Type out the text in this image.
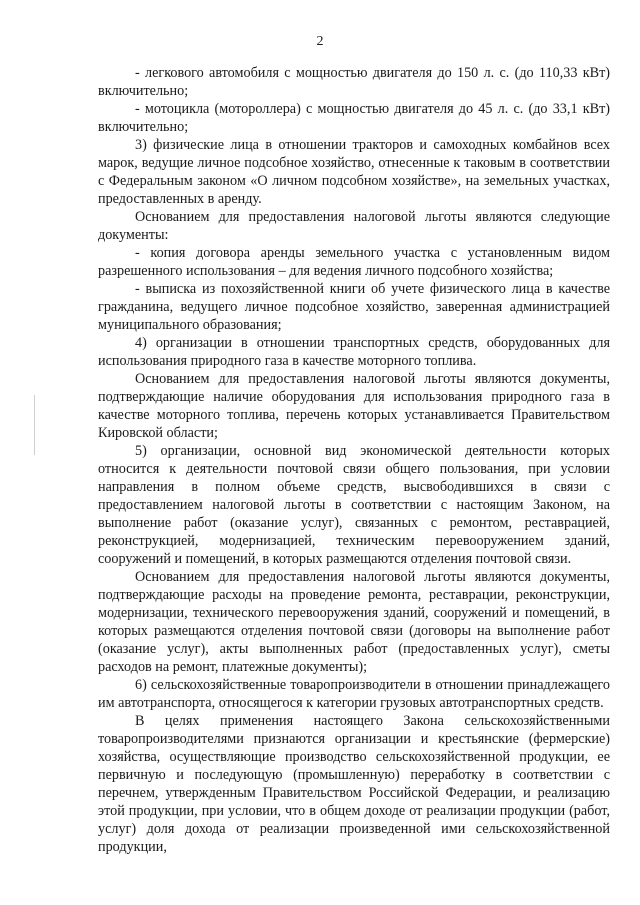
2

- легкового автомобиля с мощностью двигателя до 150 л. с. (до 110,33 кВт) включительно;

- мотоцикла (мотороллера) с мощностью двигателя до 45 л. с. (до 33,1 кВт) включительно;

3) физические лица в отношении тракторов и самоходных комбайнов всех марок, ведущие личное подсобное хозяйство, отнесенные к таковым в соответствии с Федеральным законом «О личном подсобном хозяйстве», на земельных участках, предоставленных в аренду.

Основанием для предоставления налоговой льготы являются следующие документы:

- копия договора аренды земельного участка с установленным видом разрешенного использования – для ведения личного подсобного хозяйства;

- выписка из похозяйственной книги об учете физического лица в качестве гражданина, ведущего личное подсобное хозяйство, заверенная администрацией муниципального образования;

4) организации в отношении транспортных средств, оборудованных для использования природного газа в качестве моторного топлива.

Основанием для предоставления налоговой льготы являются документы, подтверждающие наличие оборудования для использования природного газа в качестве моторного топлива, перечень которых устанавливается Правительством Кировской области;

5) организации, основной вид экономической деятельности которых относится к деятельности почтовой связи общего пользования, при условии направления в полном объеме средств, высвободившихся в связи с предоставлением налоговой льготы в соответствии с настоящим Законом, на выполнение работ (оказание услуг), связанных с ремонтом, реставрацией, реконструкцией, модернизацией, техническим перевооружением зданий, сооружений и помещений, в которых размещаются отделения почтовой связи.

Основанием для предоставления налоговой льготы являются документы, подтверждающие расходы на проведение ремонта, реставрации, реконструкции, модернизации, технического перевооружения зданий, сооружений и помещений, в которых размещаются отделения почтовой связи (договоры на выполнение работ (оказание услуг), акты выполненных работ (предоставленных услуг), сметы расходов на ремонт, платежные документы);

6) сельскохозяйственные товаропроизводители в отношении принадлежащего им автотранспорта, относящегося к категории грузовых автотранспортных средств.

В целях применения настоящего Закона сельскохозяйственными товаропроизводителями признаются организации и крестьянские (фермерские) хозяйства, осуществляющие производство сельскохозяйственной продукции, ее первичную и последующую (промышленную) переработку в соответствии с перечнем, утвержденным Правительством Российской Федерации, и реализацию этой продукции, при условии, что в общем доходе от реализации продукции (работ, услуг) доля дохода от реализации произведенной ими сельскохозяйственной продукции,
